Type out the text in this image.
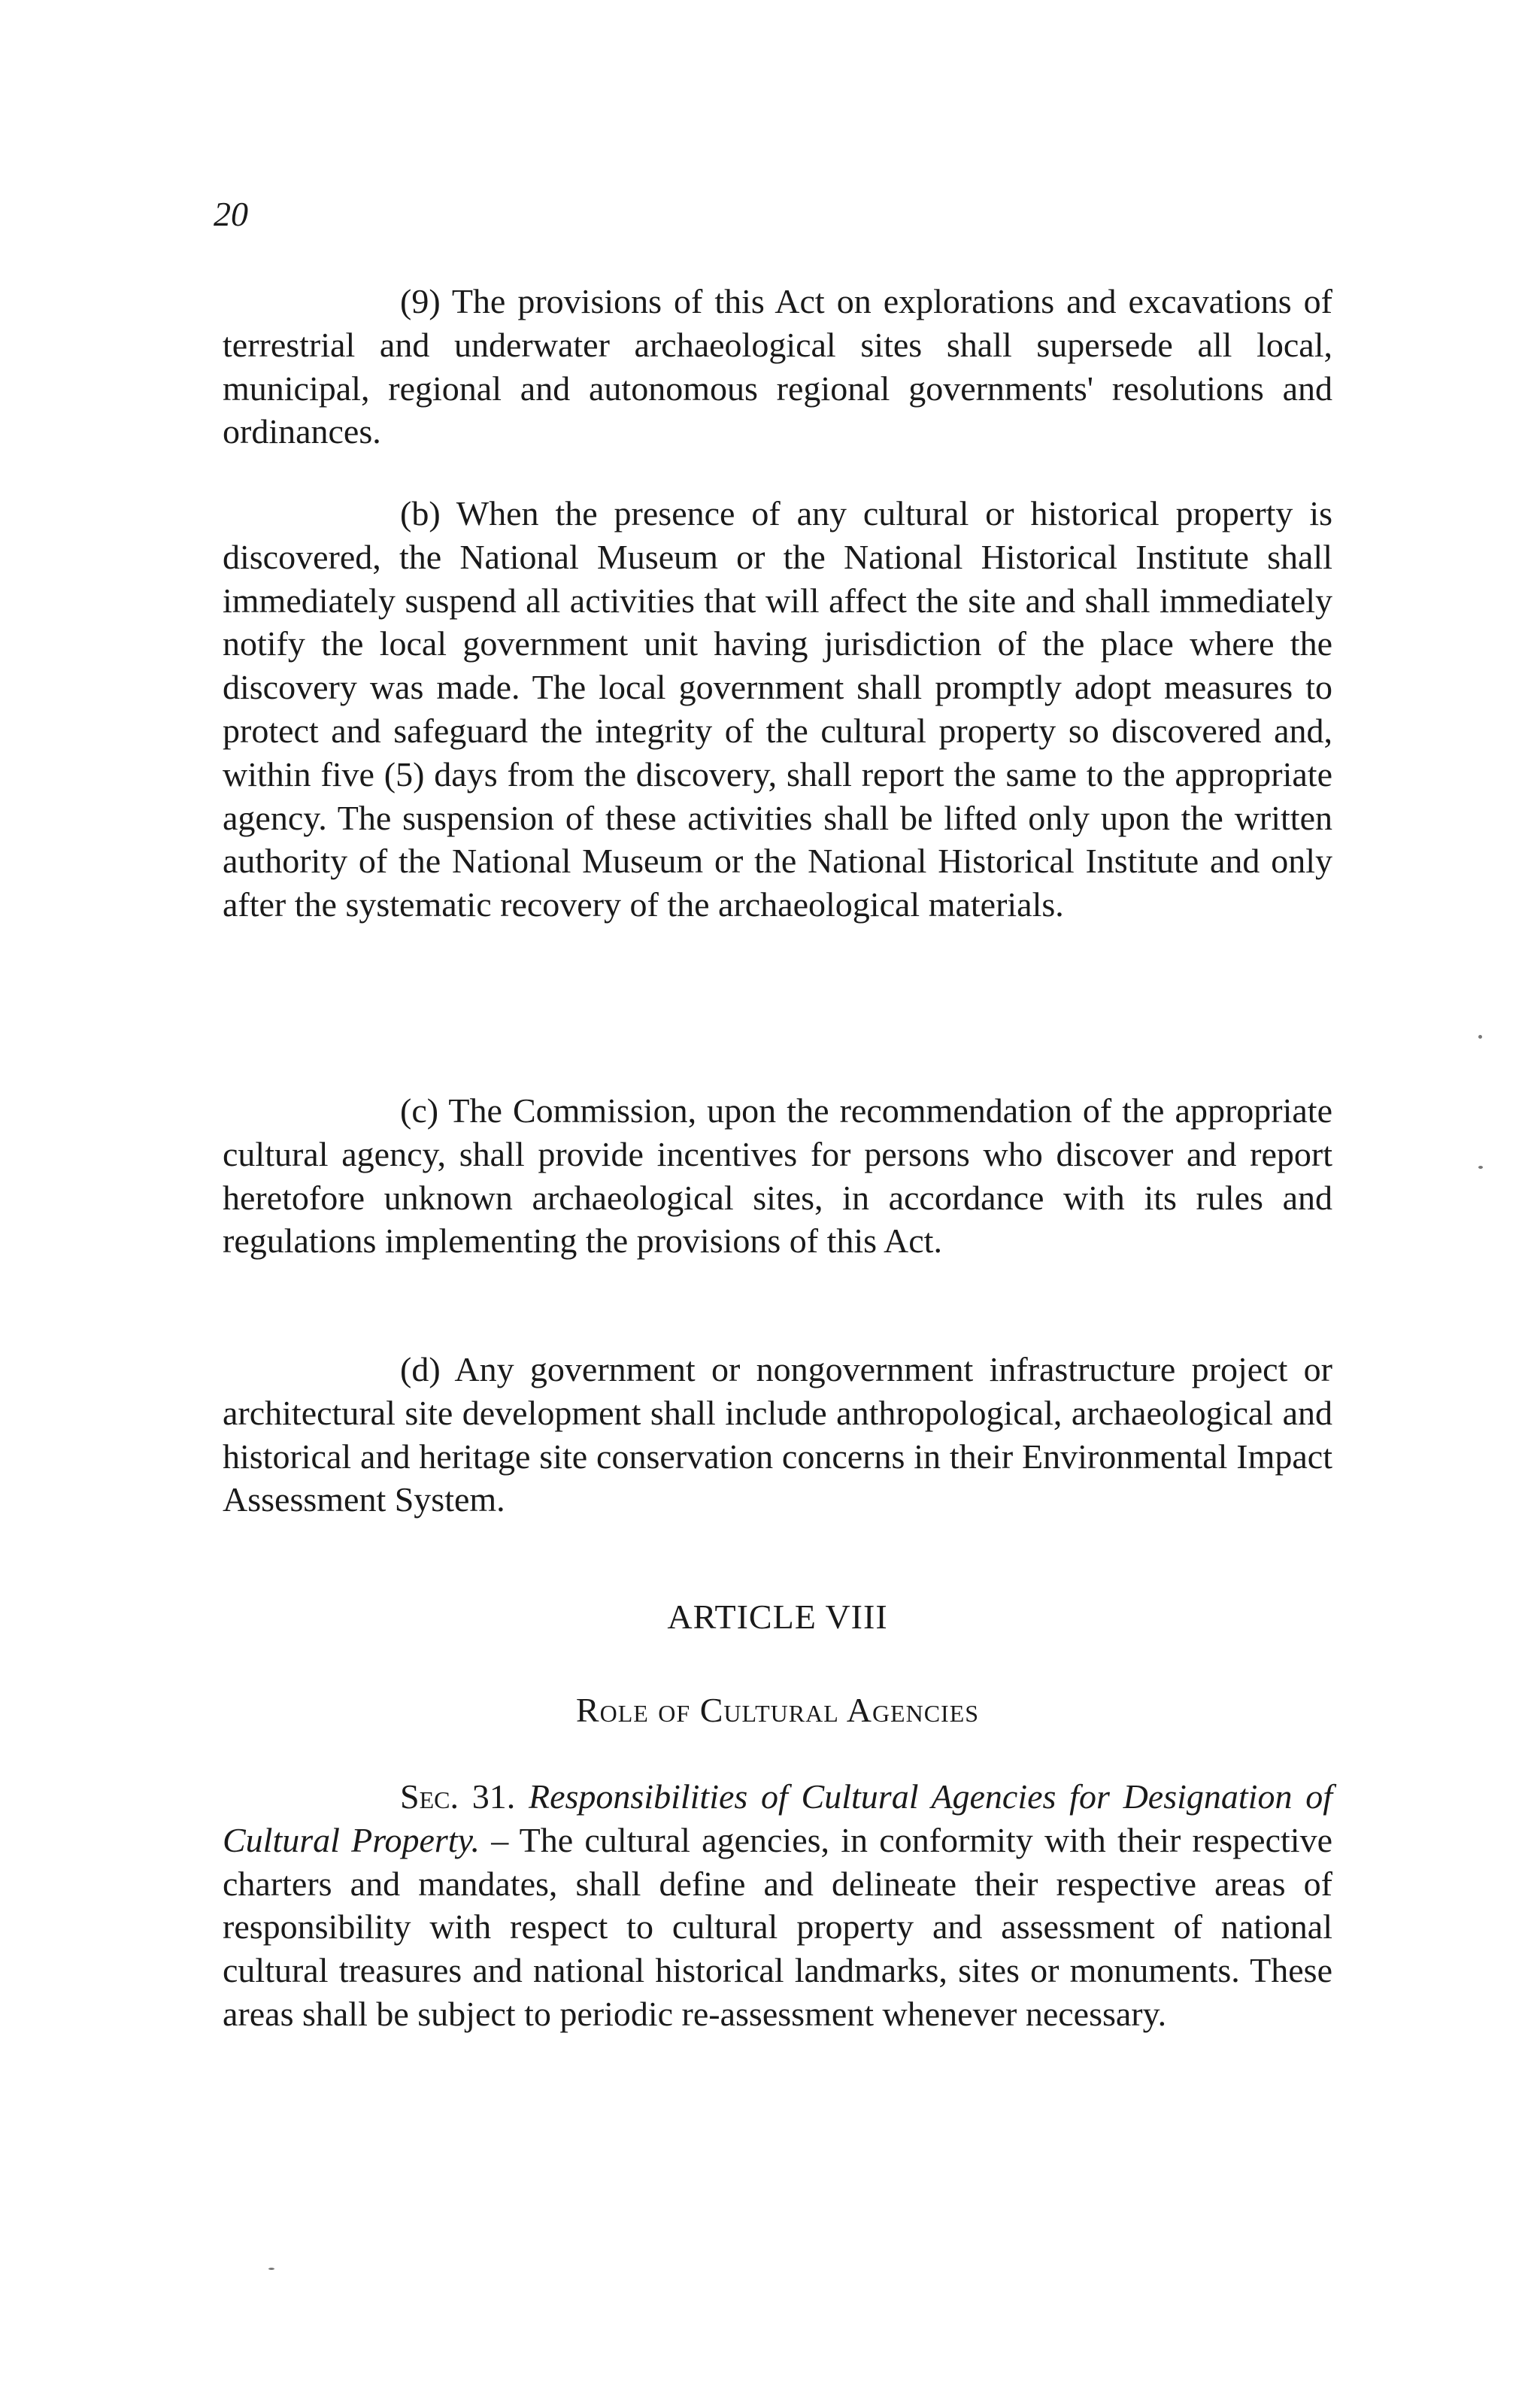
20

(9) The provisions of this Act on explorations and excavations of terrestrial and underwater archaeological sites shall supersede all local, municipal, regional and autonomous regional governments' resolutions and ordinances.

(b) When the presence of any cultural or historical property is discovered, the National Museum or the National Historical Institute shall immediately suspend all activities that will affect the site and shall immediately notify the local government unit having jurisdiction of the place where the discovery was made. The local government shall promptly adopt measures to protect and safeguard the integrity of the cultural property so discovered and, within five (5) days from the discovery, shall report the same to the appropriate agency. The suspension of these activities shall be lifted only upon the written authority of the National Museum or the National Historical Institute and only after the systematic recovery of the archaeological materials.

(c) The Commission, upon the recommendation of the appropriate cultural agency, shall provide incentives for persons who discover and report heretofore unknown archaeological sites, in accordance with its rules and regulations implementing the provisions of this Act.

(d) Any government or nongovernment infrastructure project or architectural site development shall include anthropological, archaeological and historical and heritage site conservation concerns in their Environmental Impact Assessment System.

ARTICLE VIII
Role of Cultural Agencies

Sec. 31. Responsibilities of Cultural Agencies for Designation of Cultural Property. – The cultural agencies, in conformity with their respective charters and mandates, shall define and delineate their respective areas of responsibility with respect to cultural property and assessment of national cultural treasures and national historical landmarks, sites or monuments. These areas shall be subject to periodic re-assessment whenever necessary.
